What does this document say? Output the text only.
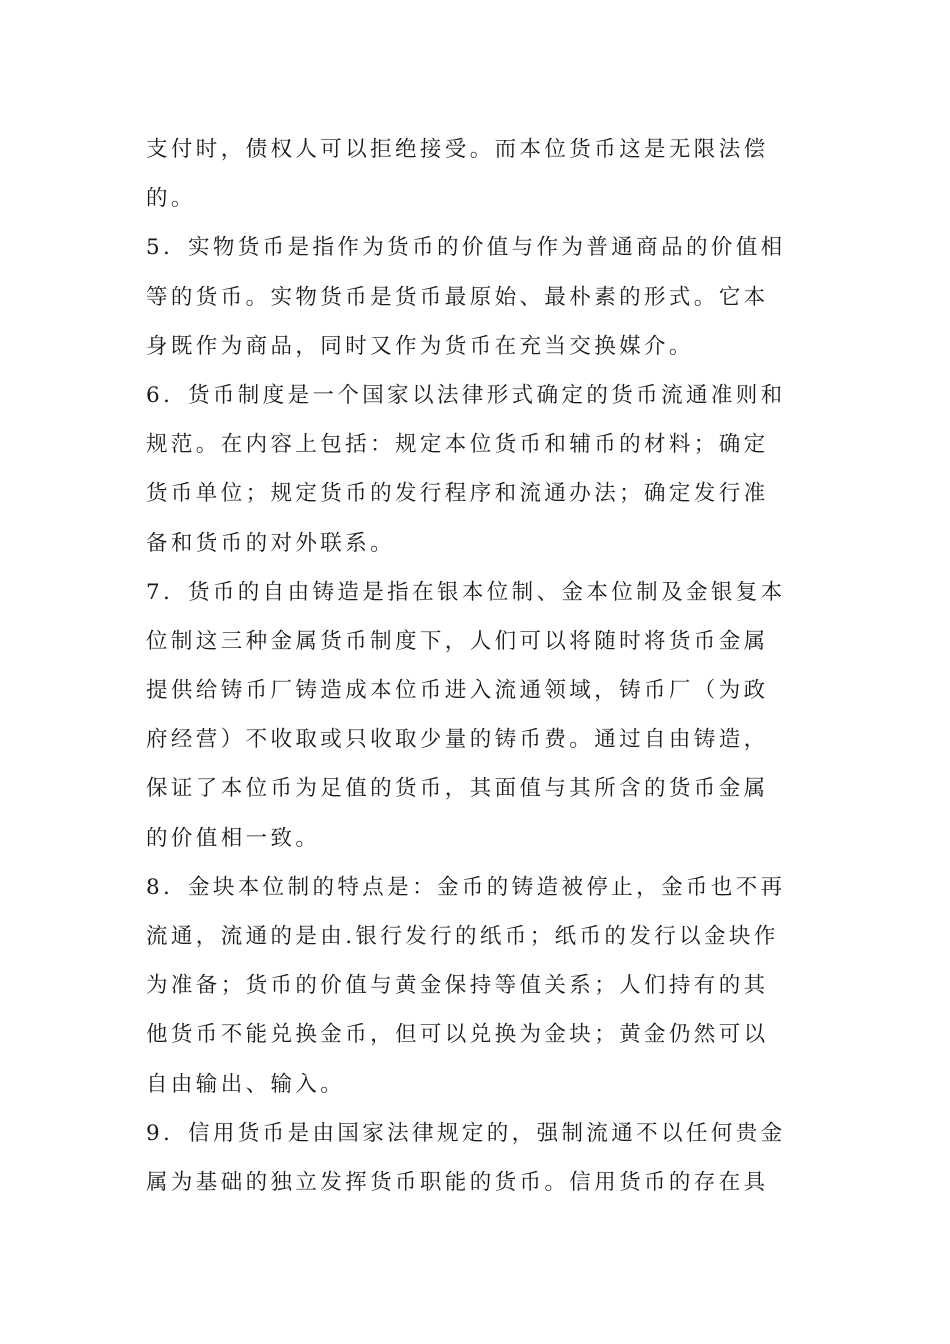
支付时，债权人可以拒绝接受。而本位货币这是无限法偿
的。
5．实物货币是指作为货币的价值与作为普通商品的价值相
等的货币。实物货币是货币最原始、最朴素的形式。它本
身既作为商品，同时又作为货币在充当交换媒介。
6．货币制度是一个国家以法律形式确定的货币流通准则和
规范。在内容上包括：规定本位货币和辅币的材料；确定
货币单位；规定货币的发行程序和流通办法；确定发行准
备和货币的对外联系。
7．货币的自由铸造是指在银本位制、金本位制及金银复本
位制这三种金属货币制度下，人们可以将随时将货币金属
提供给铸币厂铸造成本位币进入流通领域，铸币厂（为政
府经营）不收取或只收取少量的铸币费。通过自由铸造，
保证了本位币为足值的货币，其面值与其所含的货币金属
的价值相一致。
8．金块本位制的特点是：金币的铸造被停止，金币也不再
流通，流通的是由.银行发行的纸币；纸币的发行以金块作
为准备；货币的价值与黄金保持等值关系；人们持有的其
他货币不能兑换金币，但可以兑换为金块；黄金仍然可以
自由输出、输入。
9．信用货币是由国家法律规定的，强制流通不以任何贵金
属为基础的独立发挥货币职能的货币。信用货币的存在具
